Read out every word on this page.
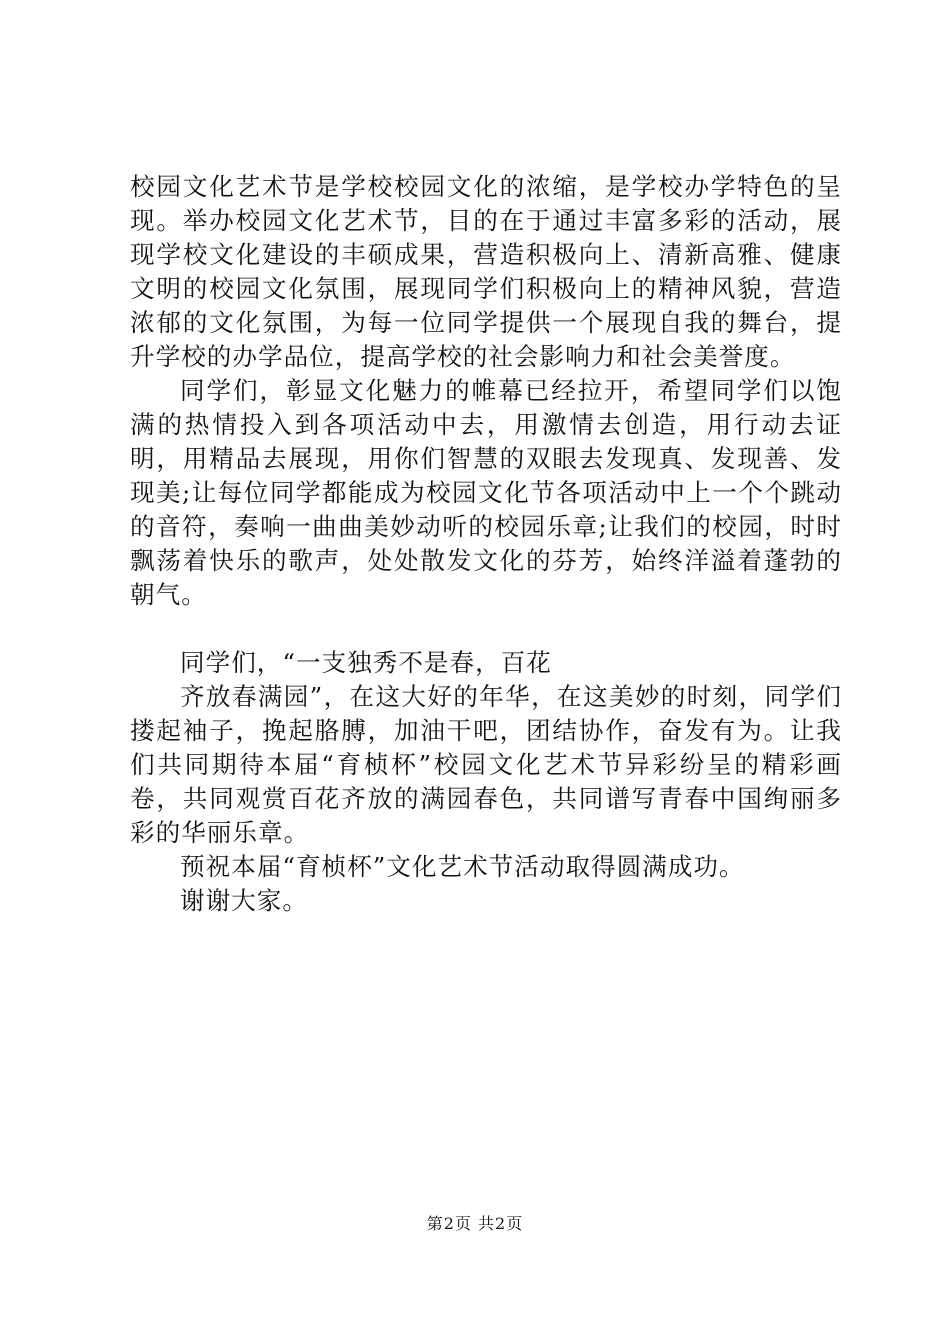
校园文化艺术节是学校校园文化的浓缩，是学校办学特色的呈现。举办校园文化艺术节，目的在于通过丰富多彩的活动，展现学校文化建设的丰硕成果，营造积极向上、清新高雅、健康文明的校园文化氛围，展现同学们积极向上的精神风貌，营造浓郁的文化氛围，为每一位同学提供一个展现自我的舞台，提升学校的办学品位，提高学校的社会影响力和社会美誉度。

同学们，彰显文化魅力的帷幕已经拉开，希望同学们以饱满的热情投入到各项活动中去，用激情去创造，用行动去证明，用精品去展现，用你们智慧的双眼去发现真、发现善、发现美;让每位同学都能成为校园文化节各项活动中上一个个跳动的音符，奏响一曲曲美妙动听的校园乐章;让我们的校园，时时飘荡着快乐的歌声，处处散发文化的芬芳，始终洋溢着蓬勃的朝气。

同学们，“一支独秀不是春，百花

齐放春满园”，在这大好的年华，在这美妙的时刻，同学们搂起袖子，挽起胳膊，加油干吧，团结协作，奋发有为。让我们共同期待本届“育桢杯”校园文化艺术节异彩纷呈的精彩画卷，共同观赏百花齐放的满园春色，共同谱写青春中国绚丽多彩的华丽乐章。

预祝本届“育桢杯”文化艺术节活动取得圆满成功。

谢谢大家。

第2页 共2页
